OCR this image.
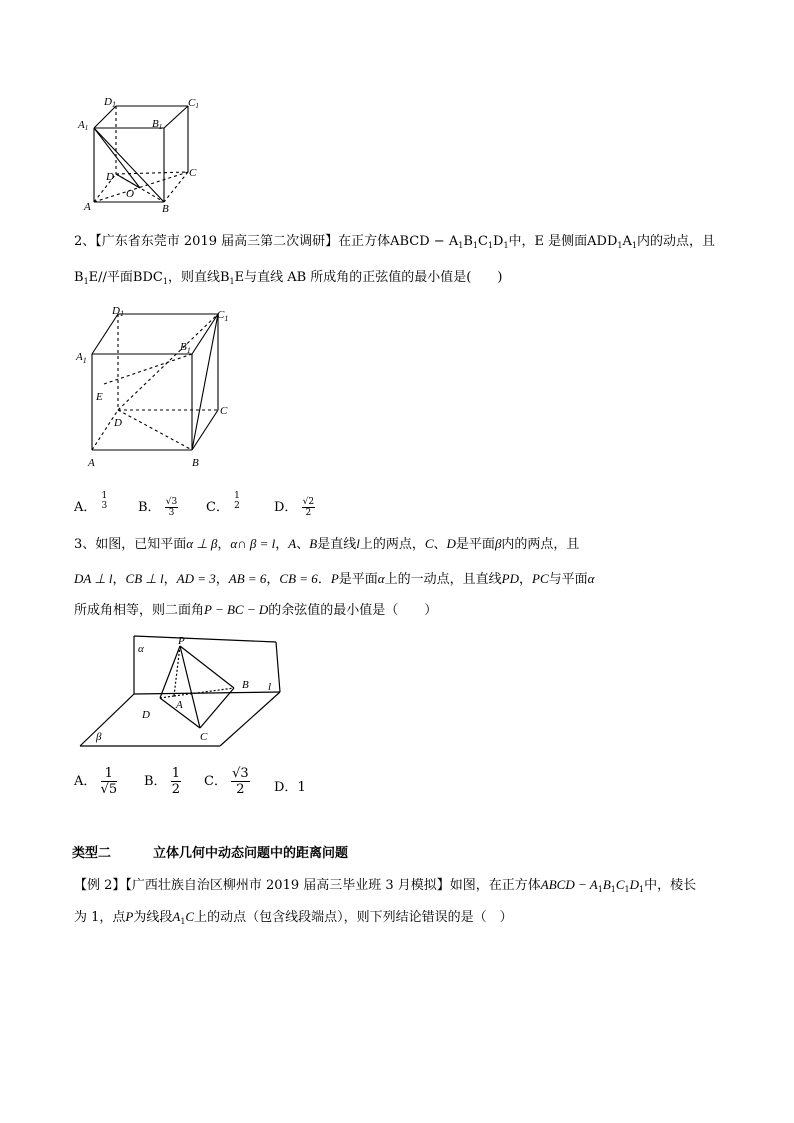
D1	C1
A1	B1
C
D
O
A	B
2、【广东省东莞市 2019 届高三第二次调研】在正方体ABCD − $A_1B_1C_1D_1$中，E 是侧面$ADD_1A_1$内的动点，且
$B_1E//$平面$BDC_1$，则直线$B_1E$与直线 AB 所成角的正弦值的最小值是(　　)
D1	$C_1$
$A_1$
$B_1$
E
D
C
A	B
A．
1
3 B． $\frac{√3}{3}$ C．
1
2	D． $\frac{√2}{2}$
3、如图，已知平面α ⊥ β，α∩ β = l，A、B是直线l上的两点，C、D是平面β内的两点，且
DA ⊥ l，CB ⊥ l，AD = 3，AB = 6，CB = 6．P是平面α上的一动点，且直线PD，PC与平面α
所成角相等，则二面角P − BC − D的余弦值的最小值是（　　）
α
P
B l
A
D
C
β
A． $\frac{1}{√5}$ B． $\frac{1}{2}$ C． $\frac{√3}{2}$ D．1
类型二	立体几何中动态问题中的距离问题
【例 2】【广西壮族自治区柳州市 2019 届高三毕业班 3 月模拟】如图，在正方体ABCD − $A_1B_1C_1D_1$中，棱长
为 1，点P为线段$A_1C$上的动点（包含线段端点），则下列结论错误的是（　）
